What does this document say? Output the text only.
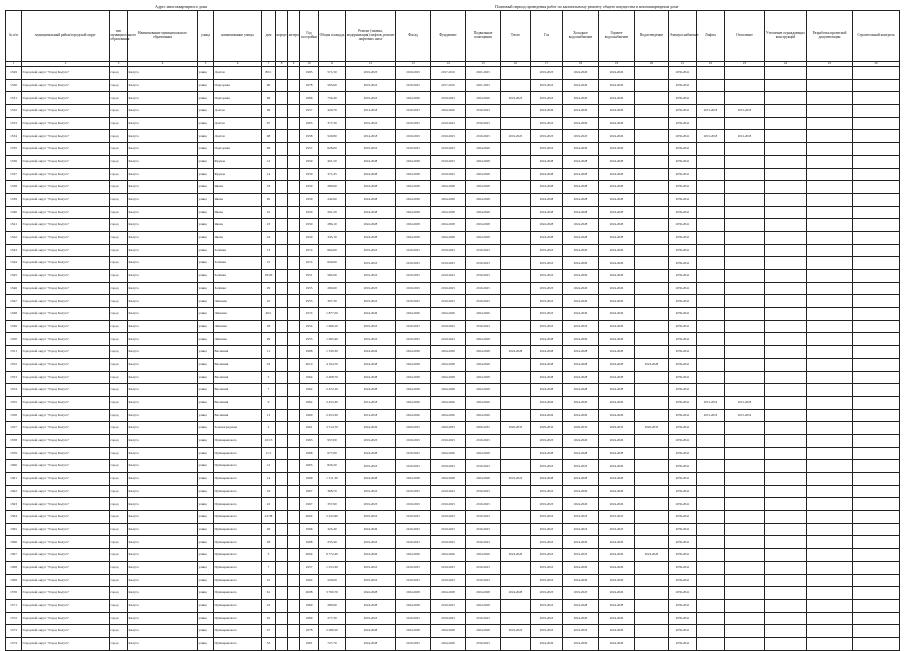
Адрес многоквартирного дома	Плановый период проведения работ по капитальному ремонту общего имущества в многоквартирном доме
№ п/п	муниципальный район/городской округ	тип муниципального образования	Наименование муниципального образования	улица	наименование улицы	дом	корпус	литера	Год постройки	Общая площадь	Ремонт (замена, модернизация) лифтов, ремонт лифтовых шахт	Фасад	Фундамент	Подвальные помещения	Тепло	Газ	Холодное водоснабжение	Горячее водоснабжение	Водоотведение	Электроснабжение	Лифты	Отопление	Утепление ограждающих конструкций	Разработка проектной документации	Строительный контроль
1	2	3	4	5	6	7	8	9	10	11	12	13	14	15	16	17	18	19	20	21	22	23	24	25	26
1329	Городской округ "Город Калуга"	город	Калуга	улица	Долгая	80/1			1995	571,50	2019-2023	2019-2023	2017-2019	2021-2023		2019-2023	2024-2026	2024-2026		2039-2041					
1330	Городской округ "Город Калуга"	город	Калуга	улица	Подгорная	90			1978	595,60	2019-2023	2019-2023	2017-2019	2021-2023		2019-2023	2024-2026	2024-2026		2039-2041					
1331	Городской округ "Город Калуга"	город	Калуга	улица	Подгорная	96			1966	750,40	2019-2023	2024-2026	2019-2023	2024-2026	2019-2023	2019-2023	2024-2026	2024-2026		2039-2041					
1332	Городской округ "Город Калуга"	город	Калуга	улица	Долгая	96			1957	420,70	2014-2018	2019-2023	2024-2026	2019-2023		2024-2026	2024-2026	2024-2026		2039-2041	2015-2018	2015-2018			
1333	Городской округ "Город Калуга"	город	Калуга	улица	Долгая	97			1965	377,30	2019-2023	2019-2023	2019-2023	2019-2023		2019-2023	2024-2026	2024-2026		2039-2041					
1334	Городской округ "Город Калуга"	город	Калуга	улица	Долгая	98			1958	529,80	2014-2018	2019-2023	2019-2023	2019-2023	2019-2023	2019-2023	2019-2023	2024-2026		2039-2041	2015-2018	2012-2018			
1335	Городской округ "Город Калуга"	город	Калуга	улица	Подгорная	99			1957	628,60	2019-2023	2019-2023	2019-2023	2024-2026		2019-2023	2024-2026	2024-2026		2039-2041					
1336	Городской округ "Город Калуга"	город	Калуга	улица	Фрунзе	12			1959	401,50	2024-2028	2024-2028	2019-2023	2024-2028		2024-2028	2024-2028	2024-2028		2039-2041					
1337	Городской округ "Город Калуга"	город	Калуга	улица	Фрунзе	14			1959	371,45	2024-2028	2024-2028	2019-2023	2024-2028		2024-2028	2024-2028	2024-2028		2039-2041					
1338	Городской округ "Город Калуга"	город	Калуга	улица	Якова	18			1959	280,60	2024-2028	2024-2028	2024-2028	2024-2028		2024-2028	2024-2028	2024-2028		2039-2041					
1339	Городской округ "Город Калуга"	город	Калуга	улица	Якова	20			1959	242,60	2024-2028	2024-2028	2024-2028	2024-2028		2024-2028	2024-2028	2024-2028		2039-2041					
1340	Городской округ "Город Калуга"	город	Калуга	улица	Якова	22			1959	291,20	2024-2028	2024-2028	2024-2028	2024-2028		2024-2028	2024-2028	2024-2028		2039-2041					
1341	Городской округ "Город Калуга"	город	Калуга	улица	Якова	23			1959	286,10	2024-2028	2024-2028	2024-2028	2024-2028		2024-2028	2024-2028	2024-2028		2039-2041					
1342	Городской округ "Город Калуга"	город	Калуга	улица	Якова	24			1959	343,10	2024-2028	2024-2028	2024-2028	2024-2028		2024-2028	2024-2028	2024-2028		2039-2041					
1343	Городской округ "Город Калуга"	город	Калуга	улица	Зелёная	13			1974	664,60	2019-2023	2019-2023	2019-2023	2019-2023		2019-2023	2024-2026	2024-2026		2039-2041					
1344	Городской округ "Город Калуга"	город	Калуга	улица	Зелёная	15			1974	620,60	2019-2023	2019-2023	2019-2023	2019-2023		2019-2023	2024-2026	2024-2026		2039-2041					
1345	Городской округ "Город Калуга"	город	Калуга	улица	Зелёная	18/20			1951	582,90	2019-2023	2019-2023	2019-2023	2019-2023		2019-2023	2024-2026	2024-2026		2039-2041					
1346	Городской округ "Город Калуга"	город	Калуга	улица	Зелёная	29			1955	290,60	2019-2023	2019-2023	2019-2023	2019-2023		2019-2023	2024-2026	2024-2026		2039-2041					
1347	Городской округ "Город Калуга"	город	Калуга	улица	Липовая	25			1955	307,30	2019-2023	2019-2023	2019-2023	2019-2023		2019-2023	2024-2026	2024-2026		2039-2041					
1348	Городской округ "Город Калуга"	город	Калуга	улица	Липовая	26/1			1974	1 877,50	2024-2026	2024-2026	2024-2026	2024-2026		2019-2023	2024-2026	2024-2026		2039-2041					
1349	Городской округ "Город Калуга"	город	Калуга	улица	Липовая	28			1954	1 066,10	2019-2023	2019-2023	2019-2023	2019-2023		2019-2023	2019-2023	2024-2026		2039-2041					
1350	Городской округ "Город Калуга"	город	Калуга	улица	Липовая	29			1955	1 095,40	2019-2023	2019-2023	2019-2023	2024-2028		2024-2028	2024-2026	2024-2026		2039-2041					
1351	Городской округ "Город Калуга"	город	Калуга	улица	Весенняя	11			1968	1 330,30	2024-2026	2024-2028	2024-2028	2024-2028	2024-2028	2024-2028	2024-2028	2024-2028		2039-2041					
1352	Городской округ "Город Калуга"	город	Калуга	улица	Весенняя	43			2010	4 164,70	2024-2028	2024-2028	2024-2028	2024-2028		2024-2028	2024-2028	2024-2028	2024-2028	2039-2041					
1353	Городской округ "Город Калуга"	город	Калуга	улица	Весенняя	5			1964	2 408,70	2024-2028	2024-2028	2024-2028	2024-2028		2024-2028	2024-2028	2024-2028		2039-2041					
1354	Городской округ "Город Калуга"	город	Калуга	улица	Весенняя	7			1962	2 472,10	2024-2028	2024-2028	2024-2028	2024-2028		2024-2028	2024-2028	2024-2028		2039-2041					
1355	Городской округ "Город Калуга"	город	Калуга	улица	Весенняя	9			1962	2 455,30	2014-2018	2024-2026	2024-2026	2024-2026		2024-2026	2024-2026	2024-2026		2039-2041	2015-2016	2015-2018			
1356	Городской округ "Город Калуга"	город	Калуга	улица	Весенняя	13			1960	2 453,30	2014-2018	2024-2026	2024-2026	2024-2026		2024-2026	2024-2026	2024-2026		2039-2041	2015-2016	2015-2016			
1357	Городской округ "Город Калуга"	город	Калуга	улица	Зеленоградская	3			1961	3 514,70	2024-2026	2029-2033	2029-2033	2029-2033	2029-2033	2029-2033	2029-2033	2029-2033	2029-2033	2039-2041					
1358	Городской округ "Город Калуга"	город	Калуга	улица	Пушкаревского	10/15			1963	957,00	2019-2023	2019-2023	2019-2023	2019-2023		2019-2023	2024-2026	2024-2026		2039-2041					
1359	Городской округ "Город Калуга"	город	Калуга	улица	Пушкаревского	11/1			1968	677,60	2024-2028	2019-2023	2024-2026	2024-2028		2024-2028	2024-2028	2024-2028		2039-2041					
1360	Городской округ "Город Калуга"	город	Калуга	улица	Пушкаревского	12			1965	820,20	2019-2023	2019-2023	2019-2023	2019-2023		2019-2023	2019-2023	2024-2026		2039-2041					
1361	Городской округ "Город Калуга"	город	Калуга	улица	Пушкаревского	14			1969	1 311,30	2024-2028	2024-2028	2024-2028	2024-2028	2019-2023	2024-2028	2024-2028	2024-2028		2039-2041					
1362	Городской округ "Город Калуга"	город	Калуга	улица	Пушкаревского	16			1967	368,70	2019-2023	2019-2023	2019-2023	2019-2023		2019-2023	2024-2026	2024-2026		2039-2041					
1363	Городской округ "Город Калуга"	город	Калуга	улица	Пушкаревского	22			1967	357,90	2019-2023	2019-2023	2019-2023	2019-2023		2019-2023	2024-2026	2024-2026		2039-2041					
1364	Городской округ "Город Калуга"	город	Калуга	улица	Пушкаревского	24/38			2002	2 222,90	2019-2023	2019-2023	2019-2023	2019-2023		2019-2023	2019-2023	2019-2023		2039-2041					
1365	Городской округ "Город Калуга"	город	Калуга	улица	Пушкаревского	26			1996	325,40	2024-2026	2019-2023	2019-2023	2019-2023		2019-2023	2019-2023	2019-2023		2039-2041					
1366	Городской округ "Город Калуга"	город	Калуга	улица	Пушкаревского	28			1998	235,40	2019-2023	2019-2023	2019-2023	2019-2023		2019-2023	2024-2026	2024-2026		2039-2041					
1367	Городской округ "Город Калуга"	город	Калуга	улица	Пушкаревского	5			2004	6 772,20	2024-2026	2024-2026	2024-2026	2024-2026	2024-2026	2019-2023	2019-2023	2024-2026	2024-2026	2039-2041					
1368	Городской округ "Город Калуга"	город	Калуга	улица	Пушкаревского	7			1957	1 253,30	2019-2023	2019-2023	2019-2023	2019-2023		2019-2023	2024-2026	2024-2026		2039-2041					
1369	Городской округ "Город Калуга"	город	Калуга	улица	Пушкаревского	41			1992	529,00	2019-2023	2019-2023	2019-2023	2019-2023		2019-2023	2024-2026	2024-2026		2039-2041					
1370	Городской округ "Город Калуга"	город	Калуга	улица	Пушкаревского	61			2008	3 760,70	2024-2028	2024-2028	2024-2028	2024-2028	2024-2028	2019-2023	2019-2023	2024-2026		2039-2041					
1371	Городской округ "Город Калуга"	город	Калуга	улица	Пушкаревского	43			1969	280,90	2024-2028	2024-2028	2019-2023	2024-2028		2019-2023	2024-2028	2024-2028		2039-2041					
1372	Городской округ "Город Калуга"	город	Калуга	улица	Пушкаревского	45			1969	277,30	2019-2023	2019-2023	2019-2023	2019-2023		2019-2023	2024-2026	2024-2026		2039-2041					
1373	Городской округ "Город Калуга"	город	Калуга	улица	Пушкаревского	47			1978	2 286,50	2024-2028	2024-2028	2024-2028	2024-2028	2019-2023	2019-2023	2019-2023	2024-2026		2039-2041					
1374	Городской округ "Город Калуга"	город	Калуга	улица	Пушкаревского	53			1991	727,70	2024-2028	2019-2023	2024-2026	2019-2023		2024-2026	2024-2026	2024-2026		2039-2041					
